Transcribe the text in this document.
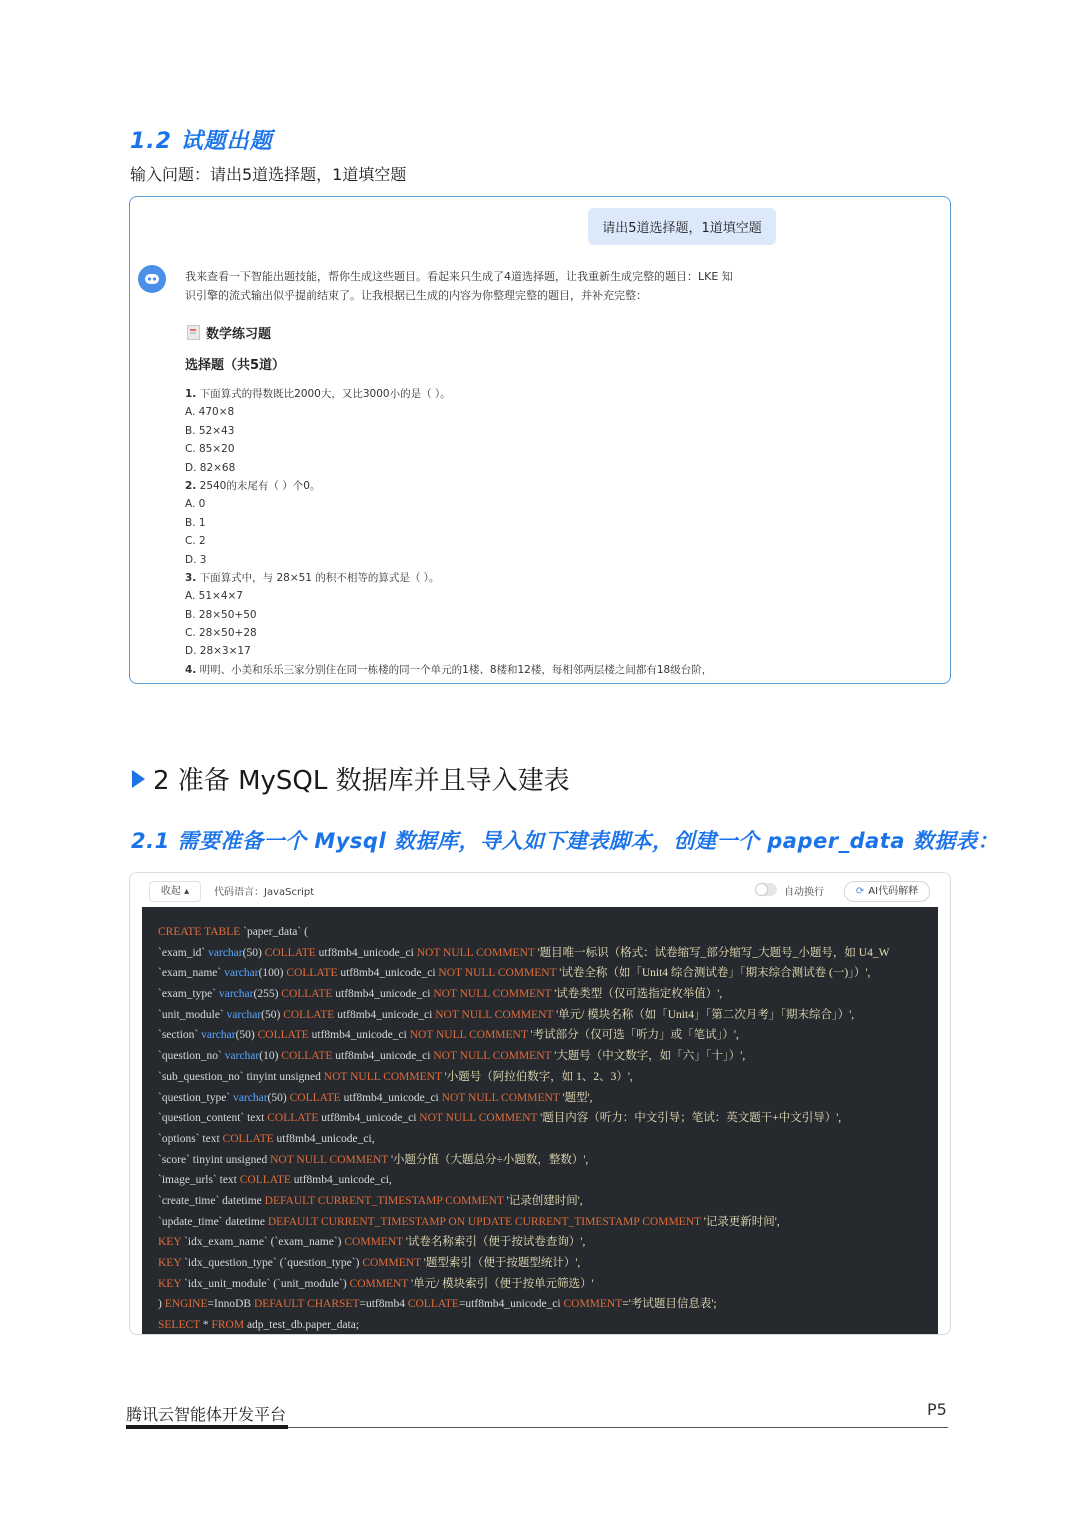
1.2 试题出题
输入问题：请出5道选择题，1道填空题
请出5道选择题，1道填空题
我来查看一下智能出题技能，帮你生成这些题目。看起来只生成了4道选择题，让我重新生成完整的题目：LKE 知
识引擎的流式输出似乎提前结束了。让我根据已生成的内容为你整理完整的题目，并补充完整：
数学练习题
选择题（共5道）
1. 下面算式的得数既比2000大，又比3000小的是（ ）。
A. 470×8
B. 52×43
C. 85×20
D. 82×68
2. 2540的末尾有（ ）个0。
A. 0
B. 1
C. 2
D. 3
3. 下面算式中，与 28×51 的积不相等的算式是（ ）。
A. 51×4×7
B. 28×50+50
C. 28×50+28
D. 28×3×17
4. 明明、小美和乐乐三家分别住在同一栋楼的同一个单元的1楼、8楼和12楼，每相邻两层楼之间都有18级台阶，
2 准备 MySQL 数据库并且导入建表
2.1 需要准备一个 Mysql 数据库，导入如下建表脚本，创建一个 paper_data 数据表：
收起 ▴	代码语言：JavaScript	自动换行	⟳ AI代码解释
CREATE TABLE `paper_data` (
`exam_id` varchar(50) COLLATE utf8mb4_unicode_ci NOT NULL COMMENT '题目唯一标识（格式：试卷缩写_部分缩写_大题号_小题号，如 U4_W
`exam_name` varchar(100) COLLATE utf8mb4_unicode_ci NOT NULL COMMENT '试卷全称（如「Unit4 综合测试卷」「期末综合测试卷 (一)」）',
`exam_type` varchar(255) COLLATE utf8mb4_unicode_ci NOT NULL COMMENT '试卷类型（仅可选指定枚举值）',
`unit_module` varchar(50) COLLATE utf8mb4_unicode_ci NOT NULL COMMENT '单元/ 模块名称（如「Unit4」「第二次月考」「期末综合」）',
`section` varchar(50) COLLATE utf8mb4_unicode_ci NOT NULL COMMENT '考试部分（仅可选「听力」或「笔试」）',
`question_no` varchar(10) COLLATE utf8mb4_unicode_ci NOT NULL COMMENT '大题号（中文数字，如「六」「十」）',
`sub_question_no` tinyint unsigned NOT NULL COMMENT '小题号（阿拉伯数字，如 1、2、3）',
`question_type` varchar(50) COLLATE utf8mb4_unicode_ci NOT NULL COMMENT '题型',
`question_content` text COLLATE utf8mb4_unicode_ci NOT NULL COMMENT '题目内容（听力：中文引导；笔试：英文题干+中文引导）',
`options` text COLLATE utf8mb4_unicode_ci,
`score` tinyint unsigned NOT NULL COMMENT '小题分值（大题总分÷小题数，整数）',
`image_urls` text COLLATE utf8mb4_unicode_ci,
`create_time` datetime DEFAULT CURRENT_TIMESTAMP COMMENT '记录创建时间',
`update_time` datetime DEFAULT CURRENT_TIMESTAMP ON UPDATE CURRENT_TIMESTAMP COMMENT '记录更新时间',
KEY `idx_exam_name` (`exam_name`) COMMENT '试卷名称索引（便于按试卷查询）',
KEY `idx_question_type` (`question_type`) COMMENT '题型索引（便于按题型统计）',
KEY `idx_unit_module` (`unit_module`) COMMENT '单元/ 模块索引（便于按单元筛选）'
) ENGINE=InnoDB DEFAULT CHARSET=utf8mb4 COLLATE=utf8mb4_unicode_ci COMMENT='考试题目信息表';
SELECT * FROM adp_test_db.paper_data;
腾讯云智能体开发平台	P5
